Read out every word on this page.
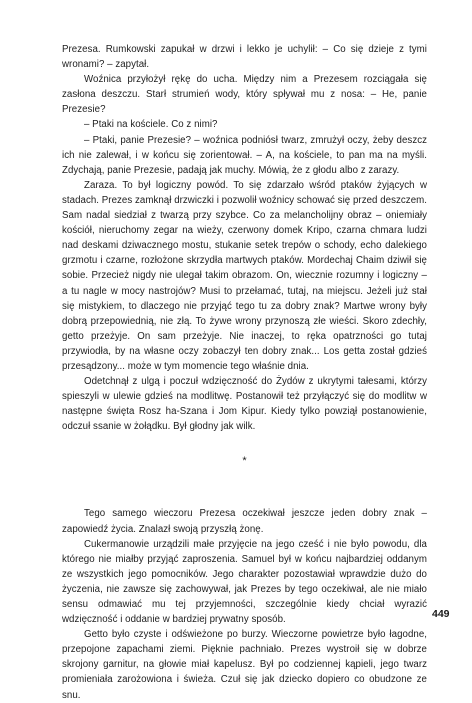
Prezesa. Rumkowski zapukał w drzwi i lekko je uchylił: – Co się dzieje z tymi wronami? – zapytał.

Woźnica przyłożył rękę do ucha. Między nim a Prezesem rozciągała się zasłona deszczu. Starł strumień wody, który spływał mu z nosa: – He, panie Prezesie?

– Ptaki na kościele. Co z nimi?

– Ptaki, panie Prezesie? – woźnica podniósł twarz, zmrużył oczy, żeby deszcz ich nie zalewał, i w końcu się zorientował. – A, na kościele, to pan ma na myśli. Zdychają, panie Prezesie, padają jak muchy. Mówią, że z głodu albo z zarazy.

Zaraza. To był logiczny powód. To się zdarzało wśród ptaków żyjących w stadach. Prezes zamknął drzwiczki i pozwolił woźnicy schować się przed deszczem. Sam nadal siedział z twarzą przy szybce. Co za melancholijny obraz – oniemiały kościół, nieruchomy zegar na wieży, czerwony domek Kripo, czarna chmara ludzi nad deskami dziwacznego mostu, stukanie setek trepów o schody, echo dalekiego grzmotu i czarne, rozłożone skrzydła martwych ptaków. Mordechaj Chaim dziwił się sobie. Przecież nigdy nie ulegał takim obrazom. On, wiecznie rozumny i logiczny – a tu nagle w mocy nastrojów? Musi to przełamać, tutaj, na miejscu. Jeżeli już stał się mistykiem, to dlaczego nie przyjąć tego tu za dobry znak? Martwe wrony były dobrą przepowiednią, nie złą. To żywe wrony przynoszą złe wieści. Skoro zdechły, getto przeżyje. On sam przeżyje. Nie inaczej, to ręka opatrzności go tutaj przywiodła, by na własne oczy zobaczył ten dobry znak... Los getta został gdzieś przesądzony... może w tym momencie tego właśnie dnia.

Odetchnął z ulgą i poczuł wdzięczność do Żydów z ukrytymi tałesami, którzy spieszyli w ulewie gdzieś na modlitwę. Postanowił też przyłączyć się do modlitw w następne święta Rosz ha-Szana i Jom Kipur. Kiedy tylko powziął postanowienie, odczuł ssanie w żołądku. Był głodny jak wilk.

*

Tego samego wieczoru Prezesa oczekiwał jeszcze jeden dobry znak – zapowiedź życia. Znalazł swoją przyszłą żonę.

Cukermanowie urządzili małe przyjęcie na jego cześć i nie było powodu, dla którego nie miałby przyjąć zaproszenia. Samuel był w końcu najbardziej oddanym ze wszystkich jego pomocników. Jego charakter pozostawiał wprawdzie dużo do życzenia, nie zawsze się zachowywał, jak Prezes by tego oczekiwał, ale nie miało sensu odmawiać mu tej przyjemności, szczególnie kiedy chciał wyrazić wdzięczność i oddanie w bardziej prywatny sposób.

Getto było czyste i odświeżone po burzy. Wieczorne powietrze było łagodne, przepojone zapachami ziemi. Pięknie pachniało. Prezes wystroił się w dobrze skrojony garnitur, na głowie miał kapelusz. Był po codziennej kąpieli, jego twarz promieniała zarożowiona i świeża. Czuł się jak dziecko dopiero co obudzone ze snu.

449
